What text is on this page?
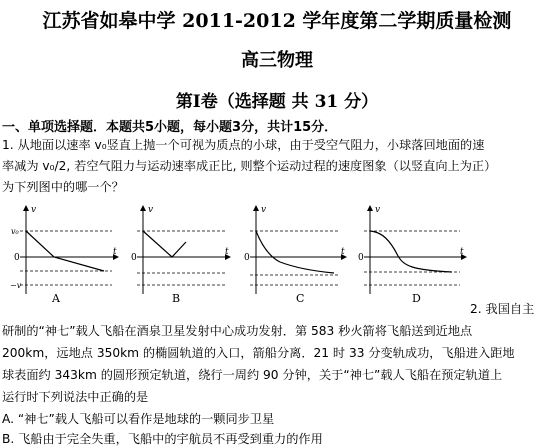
江苏省如皋中学 2011-2012 学年度第二学期质量检测
高三物理
第Ⅰ卷（选择题 共 31 分）
一、单项选择题．本题共5小题，每小题3分，共计15分．
1. 从地面以速率 v₀竖直上抛一个可视为质点的小球，由于受空气阻力，小球落回地面的速
率减为 v₀/2, 若空气阻力与运动速率成正比, 则整个运动过程的速度图象（以竖直向上为正）
为下列图中的哪一个？
v
v₀
0
−v
t
A
v
0
t
B
v
0
t
C
v
0
t
D
2. 我国自主
研制的“神七”载人飞船在酒泉卫星发射中心成功发射．第 583 秒火箭将飞船送到近地点
200km，远地点 350km 的椭圆轨道的入口，箭船分离．21 时 33 分变轨成功，飞船进入距地
球表面约 343km 的圆形预定轨道，绕行一周约 90 分钟，关于“神七”载人飞船在预定轨道上
运行时下列说法中正确的是
A. “神七”载人飞船可以看作是地球的一颗同步卫星
B. 飞船由于完全失重，飞船中的宇航员不再受到重力的作用
